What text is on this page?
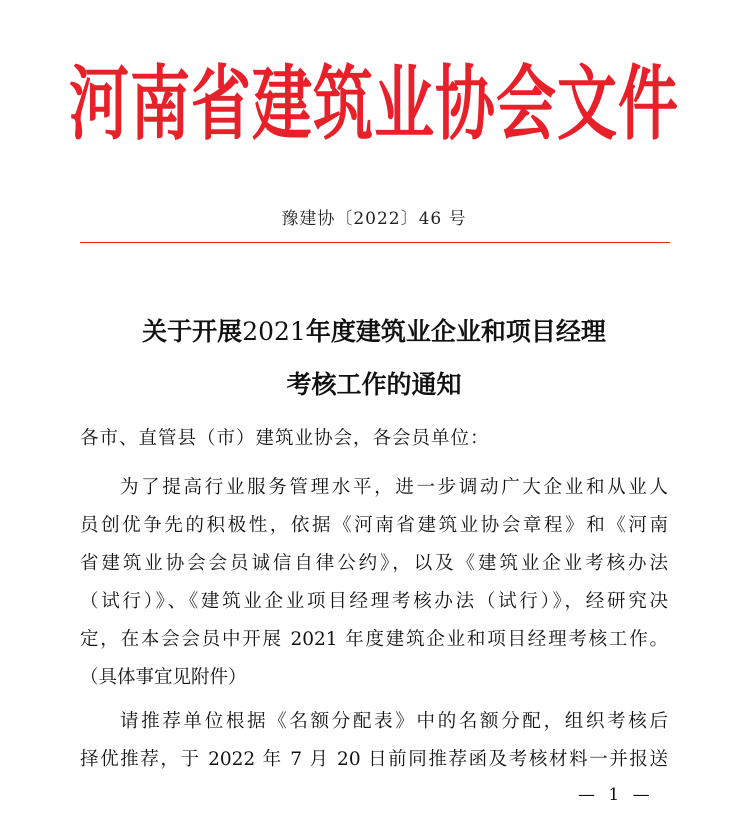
河南省建筑业协会文件
豫建协〔2022〕46 号
关于开展2021年度建筑业企业和项目经理
考核工作的通知
各市、直管县（市）建筑业协会，各会员单位：
为了提高行业服务管理水平，进一步调动广大企业和从业人
员创优争先的积极性，依据《河南省建筑业协会章程》和《河南
省建筑业协会会员诚信自律公约》，以及《建筑业企业考核办法
（试行）》、《建筑业企业项目经理考核办法（试行）》，经研究决
定，在本会会员中开展 2021 年度建筑企业和项目经理考核工作。
（具体事宜见附件）
请推荐单位根据《名额分配表》中的名额分配，组织考核后
择优推荐，于 2022 年 7 月 20 日前同推荐函及考核材料一并报送
— 1 —
